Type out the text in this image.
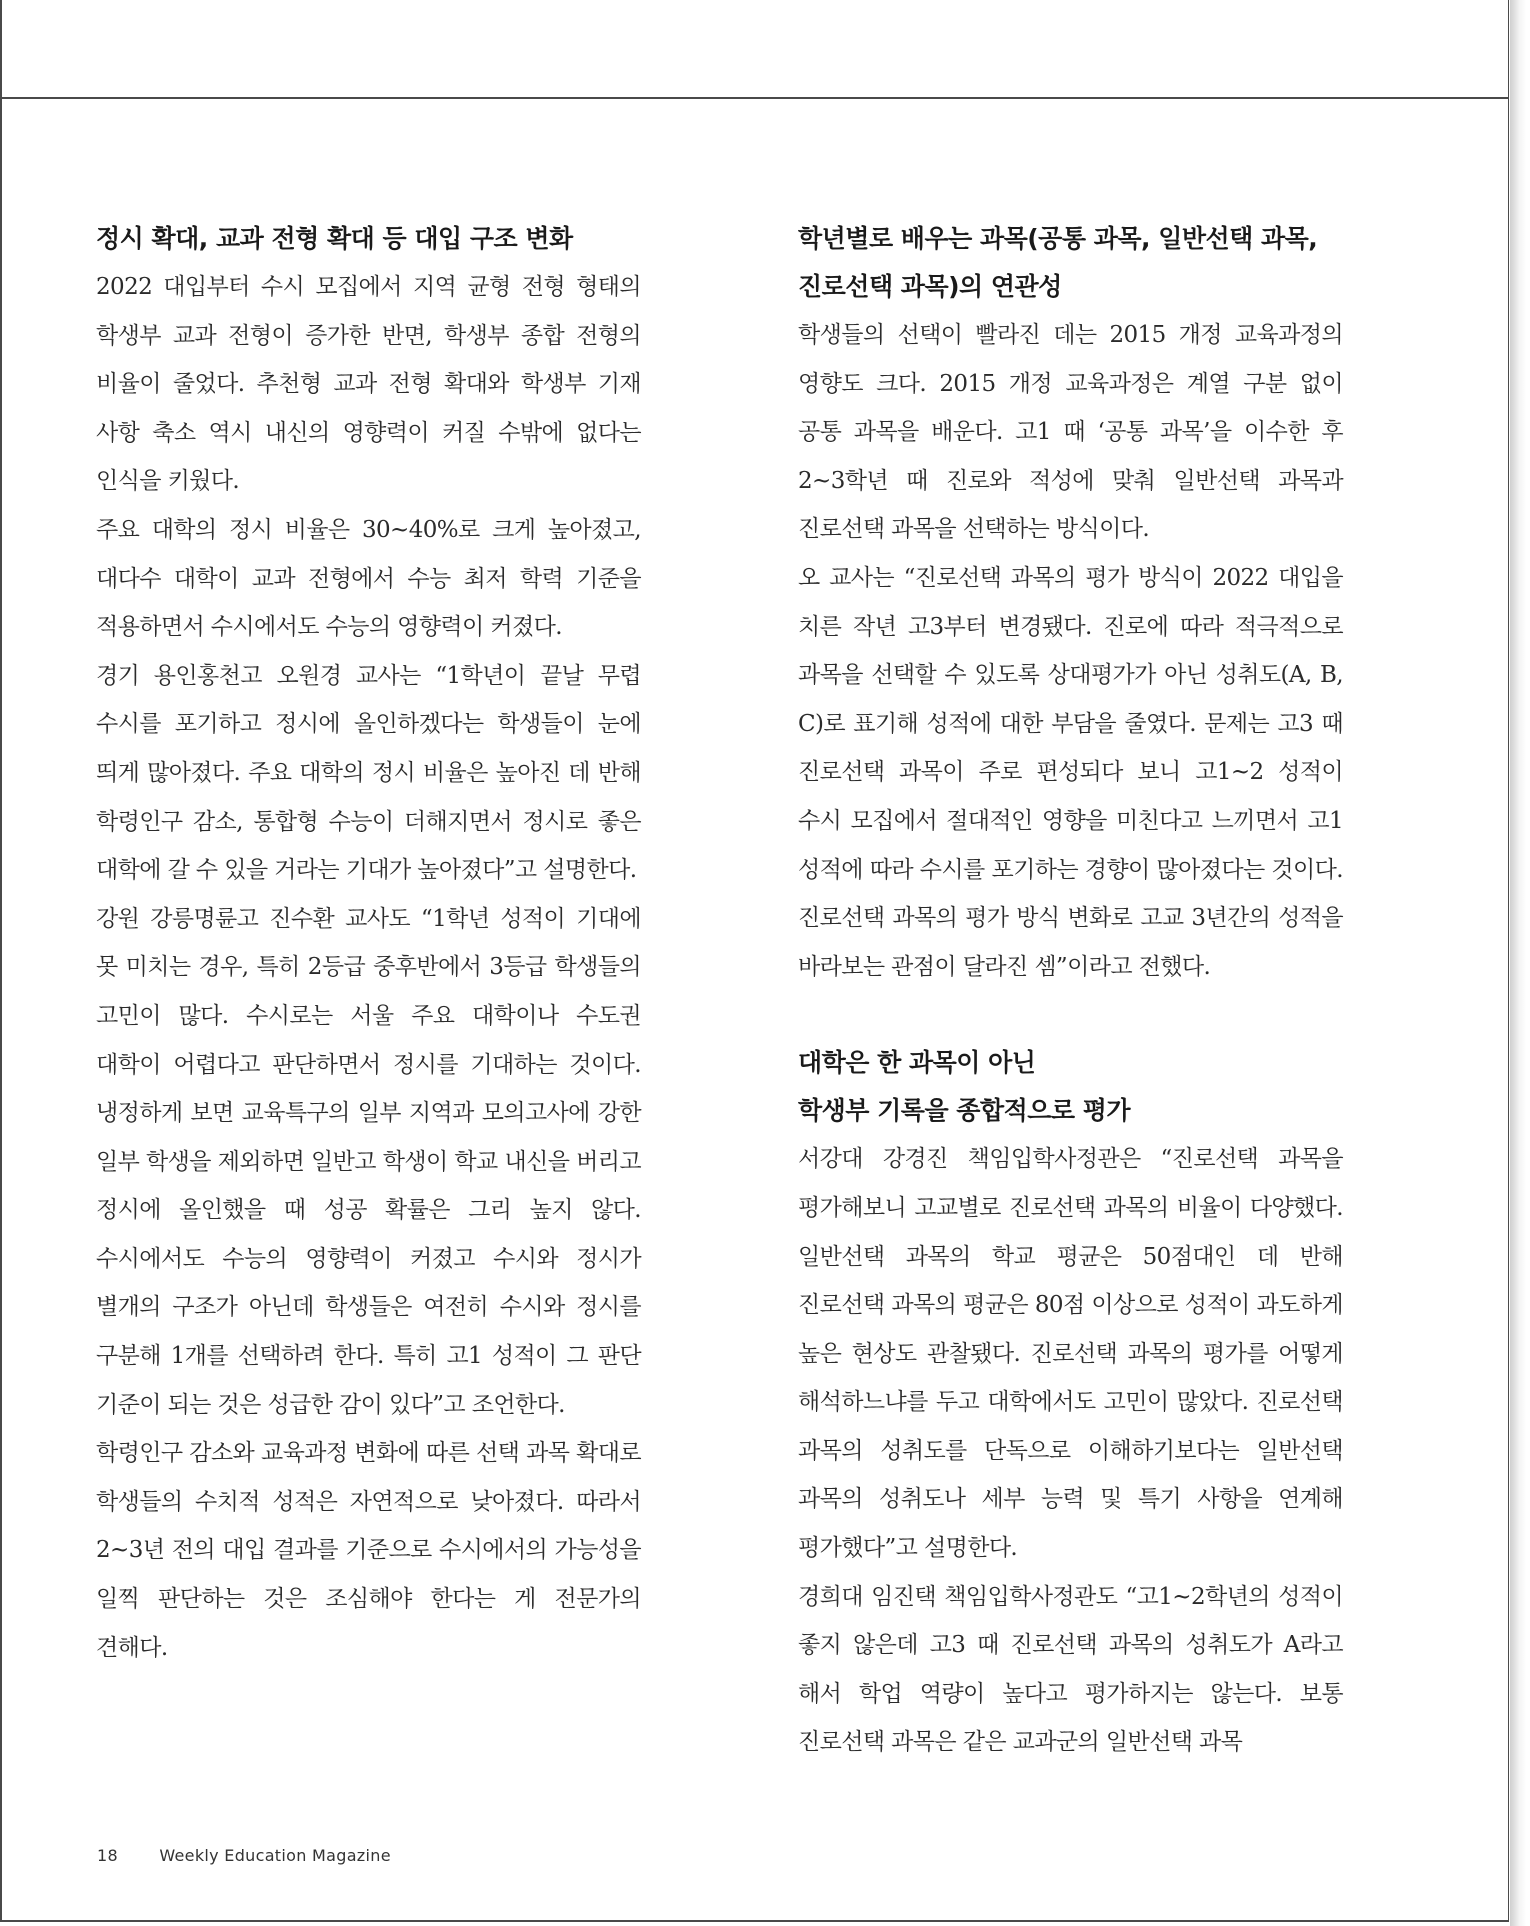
정시 확대, 교과 전형 확대 등 대입 구조 변화

2022 대입부터 수시 모집에서 지역 균형 전형 형태의 학생부 교과 전형이 증가한 반면, 학생부 종합 전형의 비율이 줄었다. 추천형 교과 전형 확대와 학생부 기재 사항 축소 역시 내신의 영향력이 커질 수밖에 없다는 인식을 키웠다.

주요 대학의 정시 비율은 30~40%로 크게 높아졌고, 대다수 대학이 교과 전형에서 수능 최저 학력 기준을 적용하면서 수시에서도 수능의 영향력이 커졌다.

경기 용인홍천고 오원경 교사는 “1학년이 끝날 무렵 수시를 포기하고 정시에 올인하겠다는 학생들이 눈에 띄게 많아졌다. 주요 대학의 정시 비율은 높아진 데 반해 학령인구 감소, 통합형 수능이 더해지면서 정시로 좋은 대학에 갈 수 있을 거라는 기대가 높아졌다”고 설명한다.

강원 강릉명륜고 진수환 교사도 “1학년 성적이 기대에 못 미치는 경우, 특히 2등급 중후반에서 3등급 학생들의 고민이 많다. 수시로는 서울 주요 대학이나 수도권 대학이 어렵다고 판단하면서 정시를 기대하는 것이다. 냉정하게 보면 교육특구의 일부 지역과 모의고사에 강한 일부 학생을 제외하면 일반고 학생이 학교 내신을 버리고 정시에 올인했을 때 성공 확률은 그리 높지 않다. 수시에서도 수능의 영향력이 커졌고 수시와 정시가 별개의 구조가 아닌데 학생들은 여전히 수시와 정시를 구분해 1개를 선택하려 한다. 특히 고1 성적이 그 판단 기준이 되는 것은 성급한 감이 있다”고 조언한다.

학령인구 감소와 교육과정 변화에 따른 선택 과목 확대로 학생들의 수치적 성적은 자연적으로 낮아졌다. 따라서 2~3년 전의 대입 결과를 기준으로 수시에서의 가능성을 일찍 판단하는 것은 조심해야 한다는 게 전문가의 견해다.

학년별로 배우는 과목(공통 과목, 일반선택 과목,
진로선택 과목)의 연관성

학생들의 선택이 빨라진 데는 2015 개정 교육과정의 영향도 크다. 2015 개정 교육과정은 계열 구분 없이 공통 과목을 배운다. 고1 때 ‘공통 과목’을 이수한 후 2~3학년 때 진로와 적성에 맞춰 일반선택 과목과 진로선택 과목을 선택하는 방식이다.

오 교사는 “진로선택 과목의 평가 방식이 2022 대입을 치른 작년 고3부터 변경됐다. 진로에 따라 적극적으로 과목을 선택할 수 있도록 상대평가가 아닌 성취도(A, B, C)로 표기해 성적에 대한 부담을 줄였다. 문제는 고3 때 진로선택 과목이 주로 편성되다 보니 고1~2 성적이 수시 모집에서 절대적인 영향을 미친다고 느끼면서 고1 성적에 따라 수시를 포기하는 경향이 많아졌다는 것이다. 진로선택 과목의 평가 방식 변화로 고교 3년간의 성적을 바라보는 관점이 달라진 셈”이라고 전했다.

대학은 한 과목이 아닌
학생부 기록을 종합적으로 평가

서강대 강경진 책임입학사정관은 “진로선택 과목을 평가해보니 고교별로 진로선택 과목의 비율이 다양했다. 일반선택 과목의 학교 평균은 50점대인 데 반해 진로선택 과목의 평균은 80점 이상으로 성적이 과도하게 높은 현상도 관찰됐다. 진로선택 과목의 평가를 어떻게 해석하느냐를 두고 대학에서도 고민이 많았다. 진로선택 과목의 성취도를 단독으로 이해하기보다는 일반선택 과목의 성취도나 세부 능력 및 특기 사항을 연계해 평가했다”고 설명한다.

경희대 임진택 책임입학사정관도 “고1~2학년의 성적이 좋지 않은데 고3 때 진로선택 과목의 성취도가 A라고 해서 학업 역량이 높다고 평가하지는 않는다. 보통 진로선택 과목은 같은 교과군의 일반선택 과목

18	Weekly Education Magazine
